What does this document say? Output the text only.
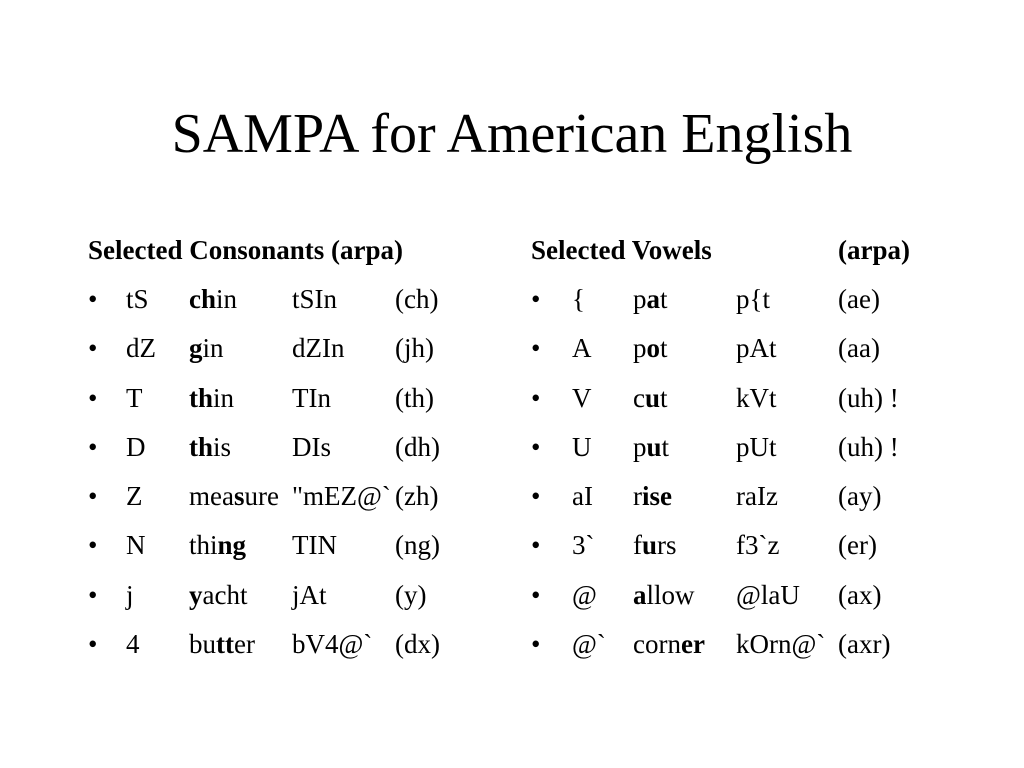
SAMPA for American English
Selected Consonants (arpa)
• tS chin tSIn (ch)
• dZ gin	dZIn (jh)
• T thin TIn (th)
• D this DIs (dh)
• Z measure "mEZ@` (zh)
• N thing TIN (ng)
• j yacht jAt	(y)
• 4 butter bV4@` (dx)
Selected Vowels	(arpa)
• { pat	p{t	(ae)
• A pot	pAt (aa)
• V cut	kVt (uh) !
• U put pUt (uh) !
• aI rise raIz (ay)
• 3` furs f3`z (er)
• @ allow @laU (ax)
• @` corner kOrn@` (axr)
